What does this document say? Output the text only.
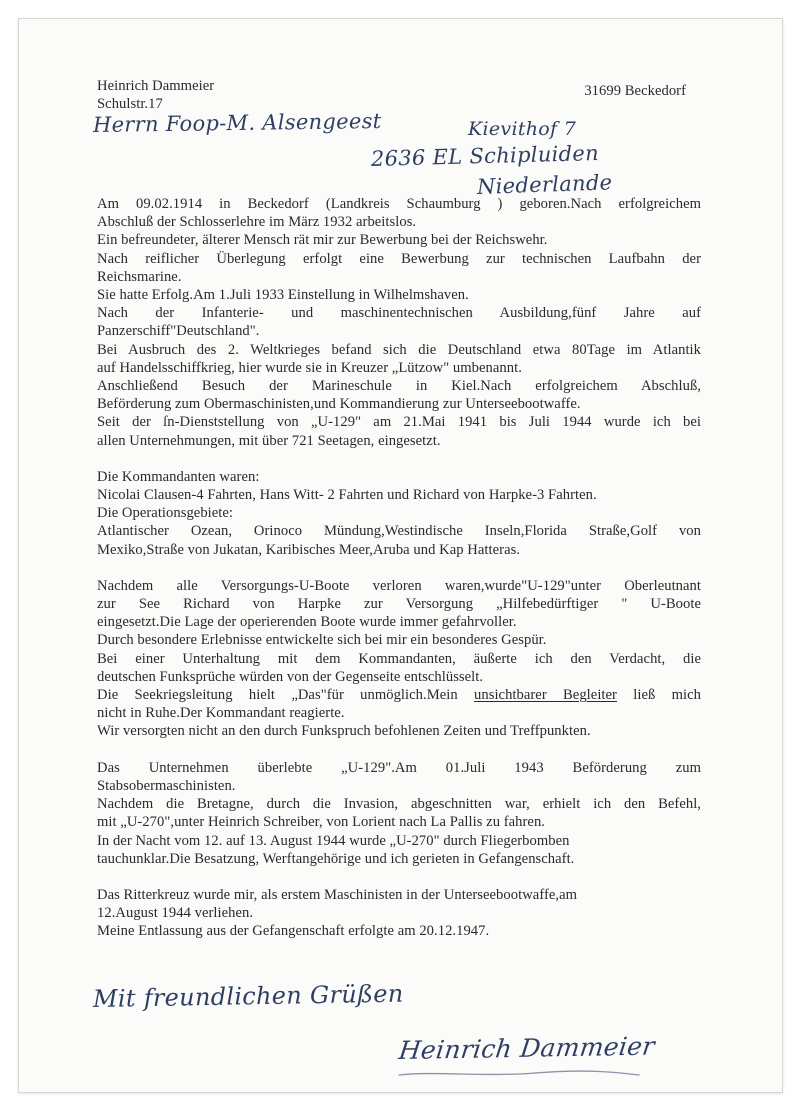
Heinrich Dammeier
Schulstr.17
31699 Beckedorf
Herrn Foop-M. Alsengeest	Kievithof 7
2636 EL Schipluiden
Niederlande
Am 09.02.1914 in Beckedorf (Landkreis Schaumburg ) geboren.Nach erfolgreichem
Abschluß der Schlosserlehre im März 1932 arbeitslos.
Ein befreundeter, älterer Mensch rät mir zur Bewerbung bei der Reichswehr.
Nach reiflicher Überlegung erfolgt eine Bewerbung zur technischen Laufbahn der
Reichsmarine.
Sie hatte Erfolg.Am 1.Juli 1933 Einstellung in Wilhelmshaven.
Nach der Infanterie- und maschinentechnischen Ausbildung,fünf Jahre auf
Panzerschiff"Deutschland".
Bei Ausbruch des 2. Weltkrieges befand sich die Deutschland etwa 80Tage im Atlantik
auf Handelsschiffkrieg, hier wurde sie in Kreuzer „Lützow" umbenannt.
Anschließend Besuch der Marineschule in Kiel.Nach erfolgreichem Abschluß,
Beförderung zum Obermaschinisten,und Kommandierung zur Unterseebootwaffe.
Seit der ſn-Dienststellung von „U-129" am 21.Mai 1941 bis Juli 1944 wurde ich bei
allen Unternehmungen, mit über 721 Seetagen, eingesetzt.
Die Kommandanten waren:
Nicolai Clausen-4 Fahrten, Hans Witt- 2 Fahrten und Richard von Harpke-3 Fahrten.
Die Operationsgebiete:
Atlantischer Ozean, Orinoco Mündung,Westindische Inseln,Florida Straße,Golf von
Mexiko,Straße von Jukatan, Karibisches Meer,Aruba und Kap Hatteras.
Nachdem alle Versorgungs-U-Boote verloren waren,wurde"U-129"unter Oberleutnant
zur See Richard von Harpke zur Versorgung „Hilfebedürftiger " U-Boote
eingesetzt.Die Lage der operierenden Boote wurde immer gefahrvoller.
Durch besondere Erlebnisse entwickelte sich bei mir ein besonderes Gespür.
Bei einer Unterhaltung mit dem Kommandanten, äußerte ich den Verdacht, die
deutschen Funksprüche würden von der Gegenseite entschlüsselt.
Die Seekriegsleitung hielt „Das"für unmöglich.Mein unsichtbarer Begleiter ließ mich
nicht in Ruhe.Der Kommandant reagierte.
Wir versorgten nicht an den durch Funkspruch befohlenen Zeiten und Treffpunkten.
Das Unternehmen überlebte „U-129".Am 01.Juli 1943 Beförderung zum
Stabsobermaschinisten.
Nachdem die Bretagne, durch die Invasion, abgeschnitten war, erhielt ich den Befehl,
mit „U-270",unter Heinrich Schreiber, von Lorient nach La Pallis zu fahren.
In der Nacht vom 12. auf 13. August 1944 wurde „U-270" durch Fliegerbomben
tauchunklar.Die Besatzung, Werftangehörige und ich gerieten in Gefangenschaft.
Das Ritterkreuz wurde mir, als erstem Maschinisten in der Unterseebootwaffe,am
12.August 1944 verliehen.
Meine Entlassung aus der Gefangenschaft erfolgte am 20.12.1947.
Mit freundlichen Grüßen
Heinrich Dammeier
